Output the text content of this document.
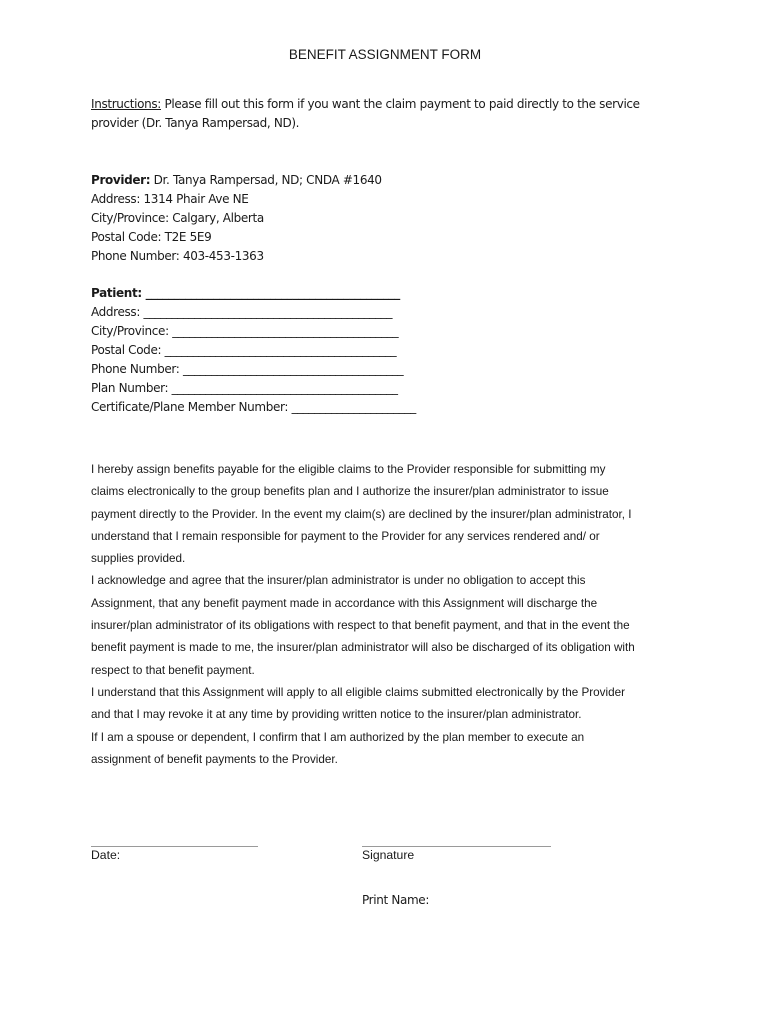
BENEFIT ASSIGNMENT FORM
Instructions: Please fill out this form if you want the claim payment to paid directly to the service
provider (Dr. Tanya Rampersad, ND).
Provider: Dr. Tanya Rampersad, ND; CNDA #1640
Address: 1314 Phair Ave NE
City/Province: Calgary, Alberta
Postal Code: T2E 5E9
Phone Number: 403-453-1363
Patient: _____________________________________________
Address: ____________________________________________
City/Province: ________________________________________
Postal Code: _________________________________________
Phone Number: _______________________________________
Plan Number: ________________________________________
Certificate/Plane Member Number: ______________________
I hereby assign benefits payable for the eligible claims to the Provider responsible for submitting my
claims electronically to the group benefits plan and I authorize the insurer/plan administrator to issue
payment directly to the Provider. In the event my claim(s) are declined by the insurer/plan administrator, I
understand that I remain responsible for payment to the Provider for any services rendered and/ or
supplies provided.
I acknowledge and agree that the insurer/plan administrator is under no obligation to accept this
Assignment, that any benefit payment made in accordance with this Assignment will discharge the
insurer/plan administrator of its obligations with respect to that benefit payment, and that in the event the
benefit payment is made to me, the insurer/plan administrator will also be discharged of its obligation with
respect to that benefit payment.
I understand that this Assignment will apply to all eligible claims submitted electronically by the Provider
and that I may revoke it at any time by providing written notice to the insurer/plan administrator.
If I am a spouse or dependent, I confirm that I am authorized by the plan member to execute an
assignment of benefit payments to the Provider.
Date:	Signature
Print Name:
